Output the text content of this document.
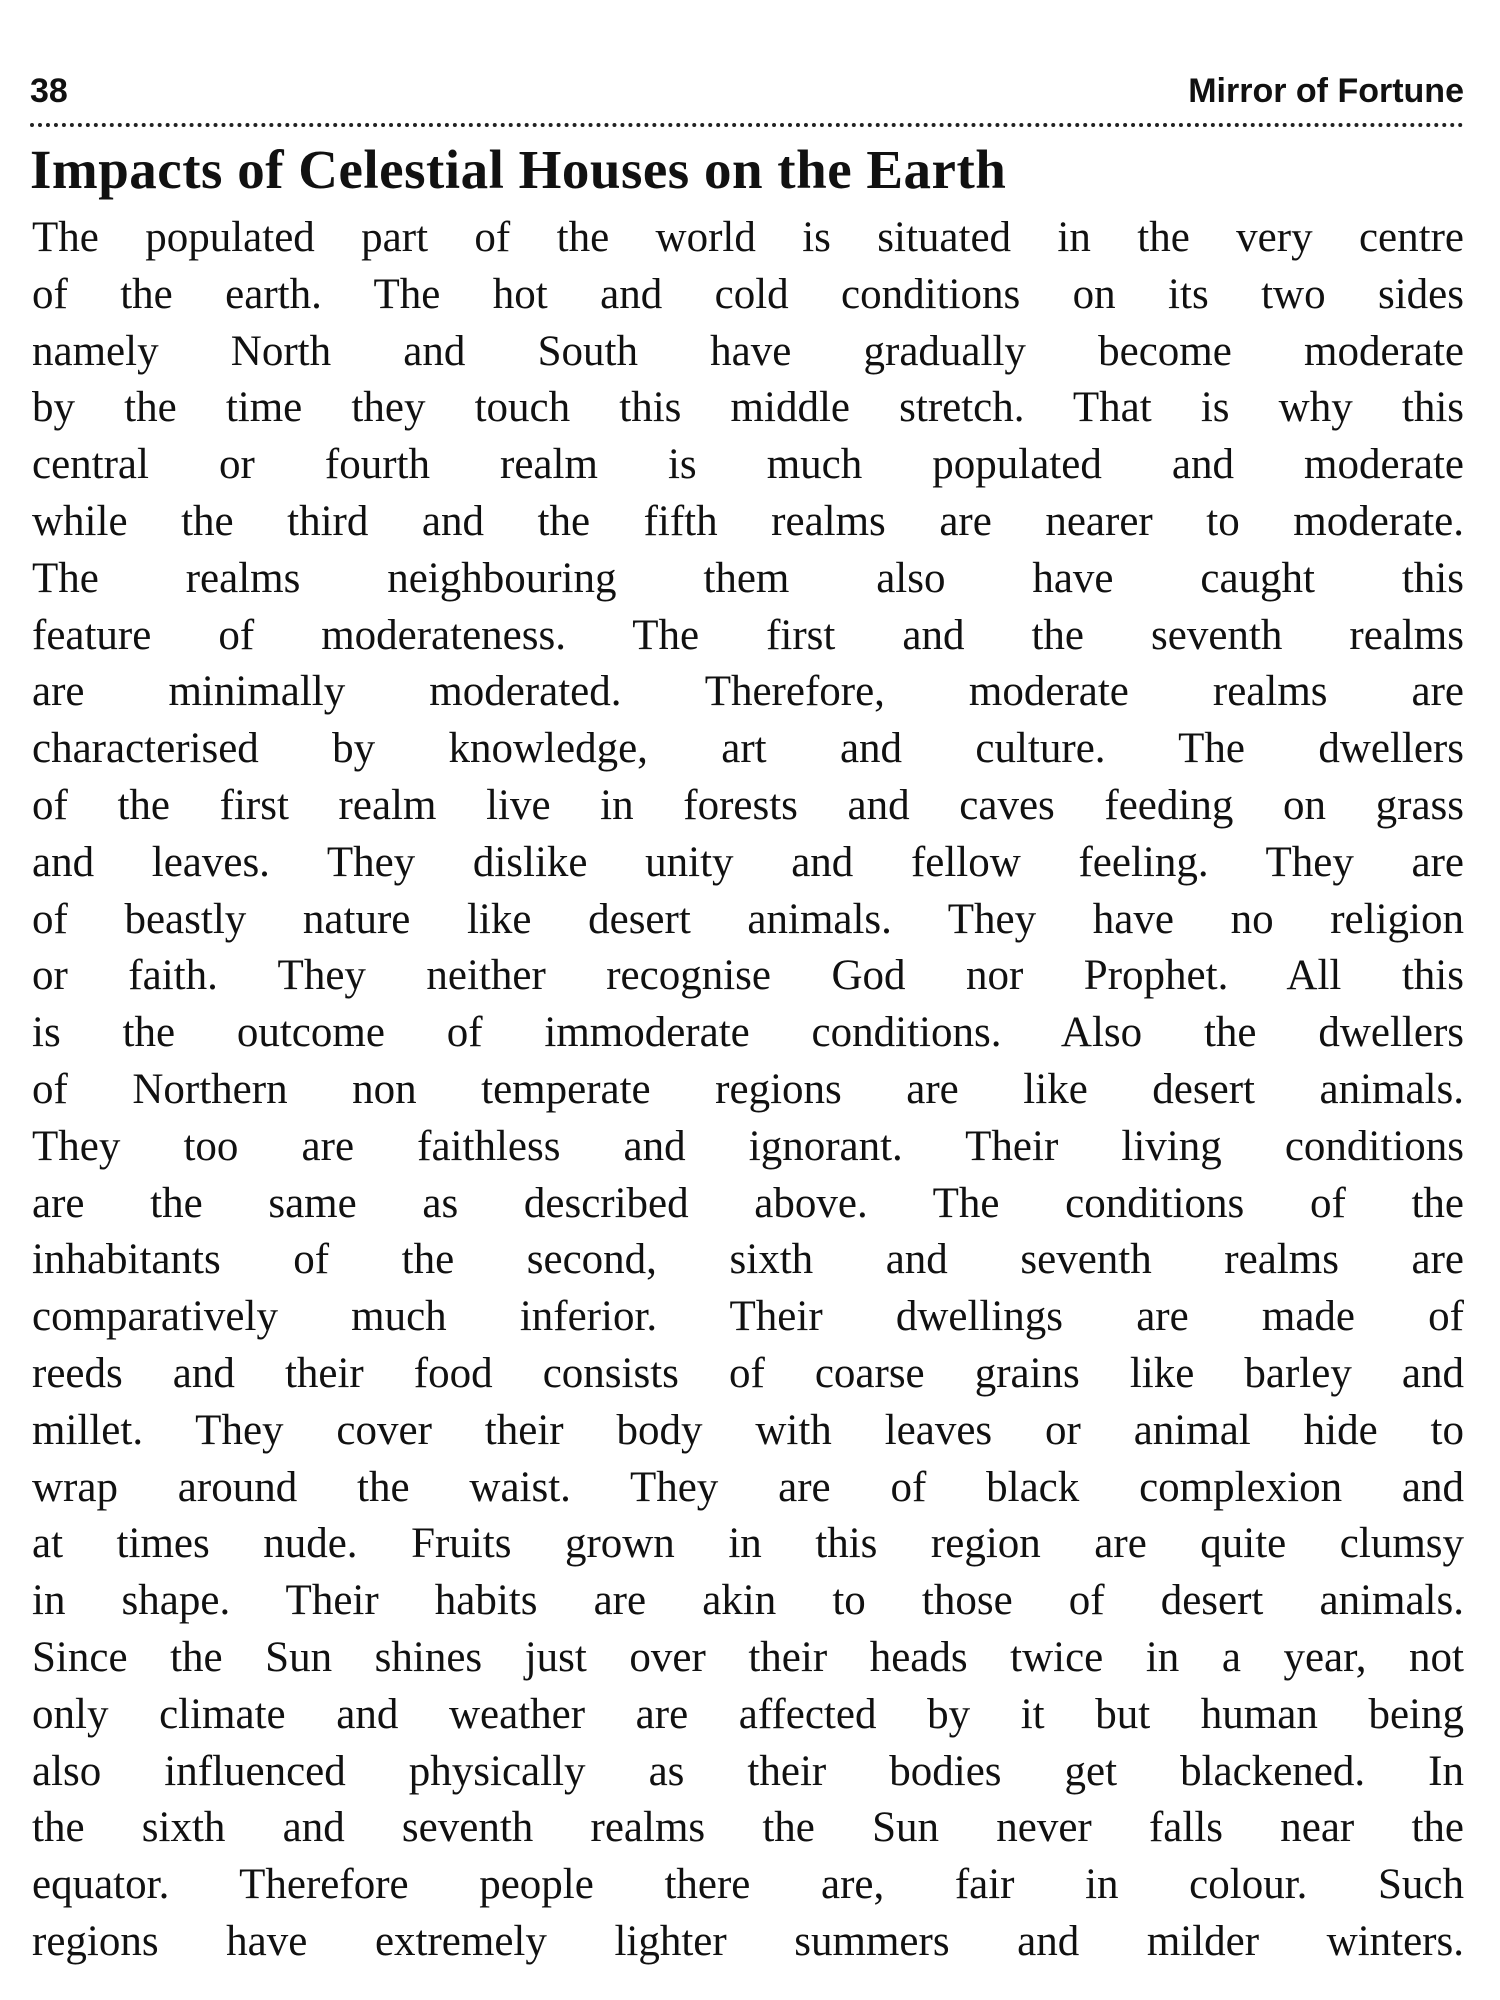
38	Mirror of Fortune
Impacts of Celestial Houses on the Earth
The populated part of the world is situated in the very centre
of the earth. The hot and cold conditions on its two sides
namely North and South have gradually become moderate
by the time they touch this middle stretch. That is why this
central or fourth realm is much populated and moderate
while the third and the fifth realms are nearer to moderate.
The realms neighbouring them also have caught this
feature of moderateness. The first and the seventh realms
are minimally moderated. Therefore, moderate realms are
characterised by knowledge, art and culture. The dwellers
of the first realm live in forests and caves feeding on grass
and leaves. They dislike unity and fellow feeling. They are
of beastly nature like desert animals. They have no religion
or faith. They neither recognise God nor Prophet. All this
is the outcome of immoderate conditions. Also the dwellers
of Northern non temperate regions are like desert animals.
They too are faithless and ignorant. Their living conditions
are the same as described above. The conditions of the
inhabitants of the second, sixth and seventh realms are
comparatively much inferior. Their dwellings are made of
reeds and their food consists of coarse grains like barley and
millet. They cover their body with leaves or animal hide to
wrap around the waist. They are of black complexion and
at times nude. Fruits grown in this region are quite clumsy
in shape. Their habits are akin to those of desert animals.
Since the Sun shines just over their heads twice in a year, not
only climate and weather are affected by it but human being
also influenced physically as their bodies get blackened. In
the sixth and seventh realms the Sun never falls near the
equator. Therefore people there are, fair in colour. Such
regions have extremely lighter summers and milder winters.
